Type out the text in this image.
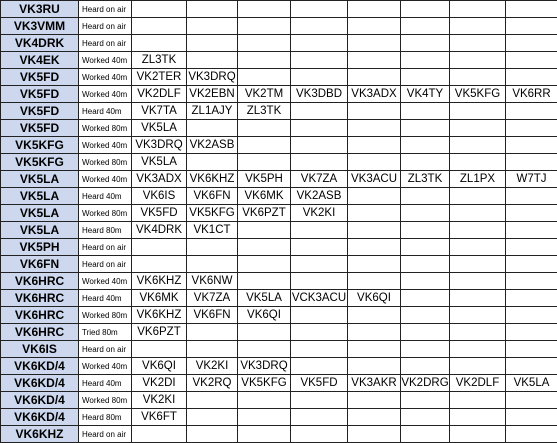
VK3RU	Heard on air								
VK3VMM	Heard on air								
VK4DRK	Heard on air								
VK4EK	Worked 40m	ZL3TK							
VK5FD	Worked 40m	VK2TER	VK3DRQ						
VK5FD	Worked 40m	VK2DLF	VK2EBN	VK2TM	VK3DBD	VK3ADX	VK4TY	VK5KFG	VK6RR
VK5FD	Heard 40m	VK7TA	ZL1AJY	ZL3TK					
VK5FD	Worked 80m	VK5LA							
VK5KFG	Worked 40m	VK3DRQ	VK2ASB						
VK5KFG	Worked 80m	VK5LA							
VK5LA	Worked 40m	VK3ADX	VK6KHZ	VK5PH	VK7ZA	VK3ACU	ZL3TK	ZL1PX	W7TJ
VK5LA	Heard 40m	VK6IS	VK6FN	VK6MK	VK2ASB				
VK5LA	Worked 80m	VK5FD	VK5KFG	VK6PZT	VK2KI				
VK5LA	Heard 80m	VK4DRK	VK1CT						
VK5PH	Heard on air								
VK6FN	Heard on air								
VK6HRC	Worked 40m	VK6KHZ	VK6NW						
VK6HRC	Heard 40m	VK6MK	VK7ZA	VK5LA	VCK3ACU	VK6QI			
VK6HRC	Worked 80m	VK6KHZ	VK6FN	VK6QI					
VK6HRC	Tried 80m	VK6PZT							
VK6IS	Heard on air								
VK6KD/4	Worked 40m	VK6QI	VK2KI	VK3DRQ					
VK6KD/4	Heard 40m	VK2DI	VK2RQ	VK5KFG	VK5FD	VK3AKR	VK2DRG	VK2DLF	VK5LA
VK6KD/4	Worked 80m	VK2KI							
VK6KD/4	Heard 80m	VK6FT							
VK6KHZ	Heard on air								
